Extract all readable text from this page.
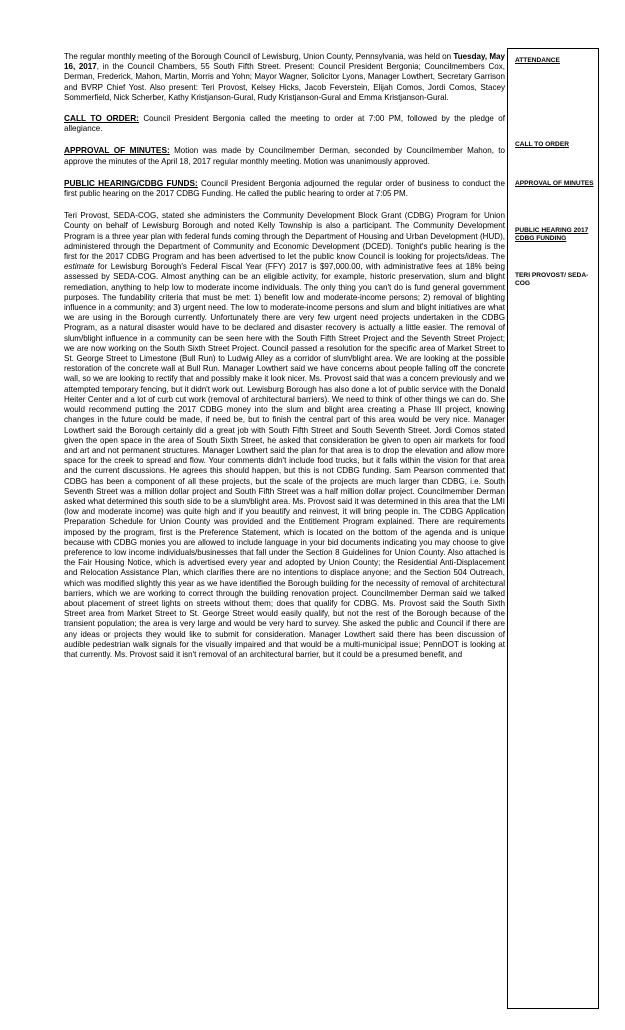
The regular monthly meeting of the Borough Council of Lewisburg, Union County, Pennsylvania, was held on Tuesday, May 16, 2017, in the Council Chambers, 55 South Fifth Street. Present: Council President Bergonia; Councilmembers Cox, Derman, Frederick, Mahon, Martin, Morris and Yohn; Mayor Wagner, Solicitor Lyons, Manager Lowthert, Secretary Garrison and BVRP Chief Yost. Also present: Teri Provost, Kelsey Hicks, Jacob Feverstein, Elijah Comos, Jordi Comos, Stacey Sommerfield, Nick Scherber, Kathy Kristjanson-Gural, Rudy Kristjanson-Gural and Emma Kristjanson-Gural.

CALL TO ORDER: Council President Bergonia called the meeting to order at 7:00 PM, followed by the pledge of allegiance.

APPROVAL OF MINUTES: Motion was made by Councilmember Derman, seconded by Councilmember Mahon, to approve the minutes of the April 18, 2017 regular monthly meeting. Motion was unanimously approved.

PUBLIC HEARING/CDBG FUNDS: Council President Bergonia adjourned the regular order of business to conduct the first public hearing on the 2017 CDBG Funding. He called the public hearing to order at 7:05 PM.

Teri Provost, SEDA-COG, stated she administers the Community Development Block Grant (CDBG) Program for Union County on behalf of Lewisburg Borough and noted Kelly Township is also a participant. The Community Development Program is a three year plan with federal funds coming through the Department of Housing and Urban Development (HUD), administered through the Department of Community and Economic Development (DCED). Tonight's public hearing is the first for the 2017 CDBG Program and has been advertised to let the public know Council is looking for projects/ideas. The estimate for Lewisburg Borough's Federal Fiscal Year (FFY) 2017 is $97,000.00, with administrative fees at 18% being assessed by SEDA-COG. Almost anything can be an eligible activity, for example, historic preservation, slum and blight remediation, anything to help low to moderate income individuals. The only thing you can't do is fund general government purposes. The fundability criteria that must be met: 1) benefit low and moderate-income persons; 2) removal of blighting influence in a community; and 3) urgent need. The low to moderate-income persons and slum and blight initiatives are what we are using in the Borough currently. Unfortunately there are very few urgent need projects undertaken in the CDBG Program, as a natural disaster would have to be declared and disaster recovery is actually a little easier. The removal of slum/blight influence in a community can be seen here with the South Fifth Street Project and the Seventh Street Project; we are now working on the South Sixth Street Project. Council passed a resolution for the specific area of Market Street to St. George Street to Limestone (Bull Run) to Ludwig Alley as a corridor of slum/blight area. We are looking at the possible restoration of the concrete wall at Bull Run. Manager Lowthert said we have concerns about people falling off the concrete wall, so we are looking to rectify that and possibly make it look nicer. Ms. Provost said that was a concern previously and we attempted temporary fencing, but it didn't work out. Lewisburg Borough has also done a lot of public service with the Donald Heiter Center and a lot of curb cut work (removal of architectural barriers). We need to think of other things we can do. She would recommend putting the 2017 CDBG money into the slum and blight area creating a Phase III project, knowing changes in the future could be made, if need be, but to finish the central part of this area would be very nice. Manager Lowthert said the Borough certainly did a great job with South Fifth Street and South Seventh Street. Jordi Comos stated given the open space in the area of South Sixth Street, he asked that consideration be given to open air markets for food and art and not permanent structures. Manager Lowthert said the plan for that area is to drop the elevation and allow more space for the creek to spread and flow. Your comments didn't include food trucks, but it falls within the vision for that area and the current discussions. He agrees this should happen, but this is not CDBG funding. Sam Pearson commented that CDBG has been a component of all these projects, but the scale of the projects are much larger than CDBG, i.e. South Seventh Street was a million dollar project and South Fifth Street was a half million dollar project. Councilmember Derman asked what determined this south side to be a slum/blight area. Ms. Provost said it was determined in this area that the LMI (low and moderate income) was quite high and if you beautify and reinvest, it will bring people in. The CDBG Application Preparation Schedule for Union County was provided and the Entitlement Program explained. There are requirements imposed by the program, first is the Preference Statement, which is located on the bottom of the agenda and is unique because with CDBG monies you are allowed to include language in your bid documents indicating you may choose to give preference to low income individuals/businesses that fall under the Section 8 Guidelines for Union County. Also attached is the Fair Housing Notice, which is advertised every year and adopted by Union County; the Residential Anti-Displacement and Relocation Assistance Plan, which clarifies there are no intentions to displace anyone; and the Section 504 Outreach, which was modified slightly this year as we have identified the Borough building for the necessity of removal of architectural barriers, which we are working to correct through the building renovation project. Councilmember Derman said we talked about placement of street lights on streets without them; does that qualify for CDBG. Ms. Provost said the South Sixth Street area from Market Street to St. George Street would easily qualify, but not the rest of the Borough because of the transient population; the area is very large and would be very hard to survey. She asked the public and Council if there are any ideas or projects they would like to submit for consideration. Manager Lowthert said there has been discussion of audible pedestrian walk signals for the visually impaired and that would be a multi-municipal issue; PennDOT is looking at that currently. Ms. Provost said it isn't removal of an architectural barrier, but it could be a presumed benefit, and

ATTENDANCE
CALL TO ORDER
APPROVAL OF MINUTES
PUBLIC HEARING 2017 CDBG FUNDING
TERI PROVOST/ SEDA-COG
